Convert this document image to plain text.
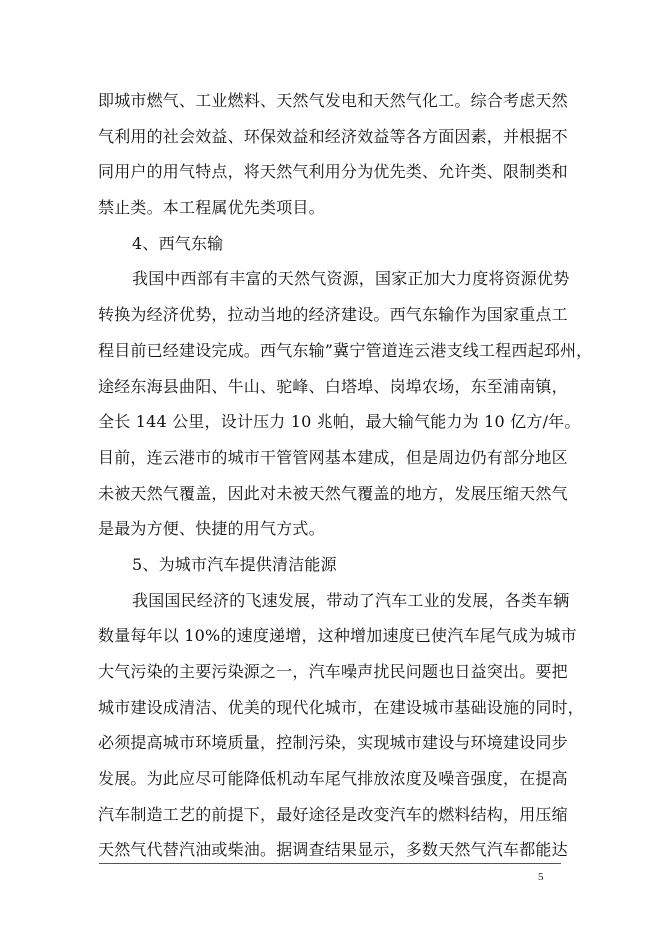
即城市燃气、工业燃料、天然气发电和天然气化工。综合考虑天然
气利用的社会效益、环保效益和经济效益等各方面因素，并根据不
同用户的用气特点，将天然气利用分为优先类、允许类、限制类和
禁止类。本工程属优先类项目。
4、西气东输
我国中西部有丰富的天然气资源，国家正加大力度将资源优势
转换为经济优势，拉动当地的经济建设。西气东输作为国家重点工
程目前已经建设完成。西气东输”冀宁管道连云港支线工程西起邳州，
途经东海县曲阳、牛山、驼峰、白塔埠、岗埠农场，东至浦南镇，
全长 144 公里，设计压力 10 兆帕，最大输气能力为 10 亿方/年。
目前，连云港市的城市干管管网基本建成，但是周边仍有部分地区
未被天然气覆盖，因此对未被天然气覆盖的地方，发展压缩天然气
是最为方便、快捷的用气方式。
5、为城市汽车提供清洁能源
我国国民经济的飞速发展，带动了汽车工业的发展，各类车辆
数量每年以 10%的速度递增，这种增加速度已使汽车尾气成为城市
大气污染的主要污染源之一，汽车噪声扰民问题也日益突出。要把
城市建设成清洁、优美的现代化城市，在建设城市基础设施的同时，
必须提高城市环境质量，控制污染，实现城市建设与环境建设同步
发展。为此应尽可能降低机动车尾气排放浓度及噪音强度，在提高
汽车制造工艺的前提下，最好途径是改变汽车的燃料结构，用压缩
天然气代替汽油或柴油。据调查结果显示，多数天然气汽车都能达
5
